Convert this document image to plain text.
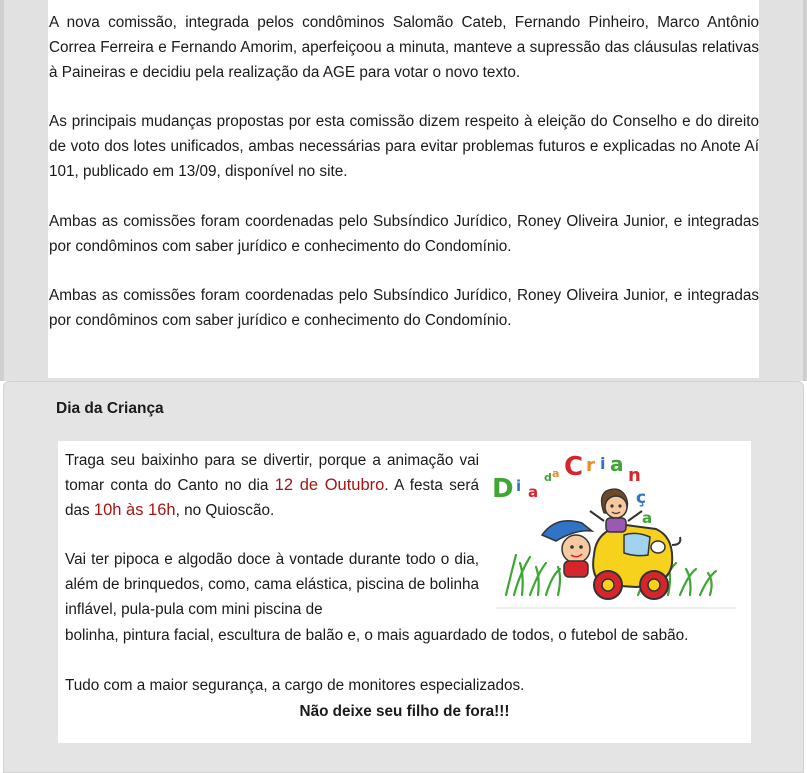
A nova comissão, integrada pelos condôminos Salomão Cateb, Fernando Pinheiro, Marco Antônio Correa Ferreira e Fernando Amorim, aperfeiçoou a minuta, manteve a supressão das cláusulas relativas à Paineiras e decidiu pela realização da AGE para votar o novo texto.

As principais mudanças propostas por esta comissão dizem respeito à eleição do Conselho e do direito de voto dos lotes unificados, ambas necessárias para evitar problemas futuros e explicadas no Anote Aí 101, publicado em 13/09, disponível no site.

Ambas as comissões foram coordenadas pelo Subsíndico Jurídico, Roney Oliveira Junior, e integradas por condôminos com saber jurídico e conhecimento do Condomínio.

Ambas as comissões foram coordenadas pelo Subsíndico Jurídico, Roney Oliveira Junior, e integradas por condôminos com saber jurídico e conhecimento do Condomínio.

Dia da Criança

Traga seu baixinho para se divertir, porque a animação vai tomar conta do Canto no dia 12 de Outubro. A festa será das 10h às 16h, no Quioscão.

Vai ter pipoca e algodão doce à vontade durante todo o dia, além de brinquedos, como, cama elástica, piscina de bolinha inflável, pula-pula com mini piscina de

bolinha, pintura facial, escultura de balão e, o mais aguardado de todos, o futebol de sabão.

Tudo com a maior segurança, a cargo de monitores especializados.

Não deixe seu filho de fora!!!

D i a
d a C r i a n
ç
a
